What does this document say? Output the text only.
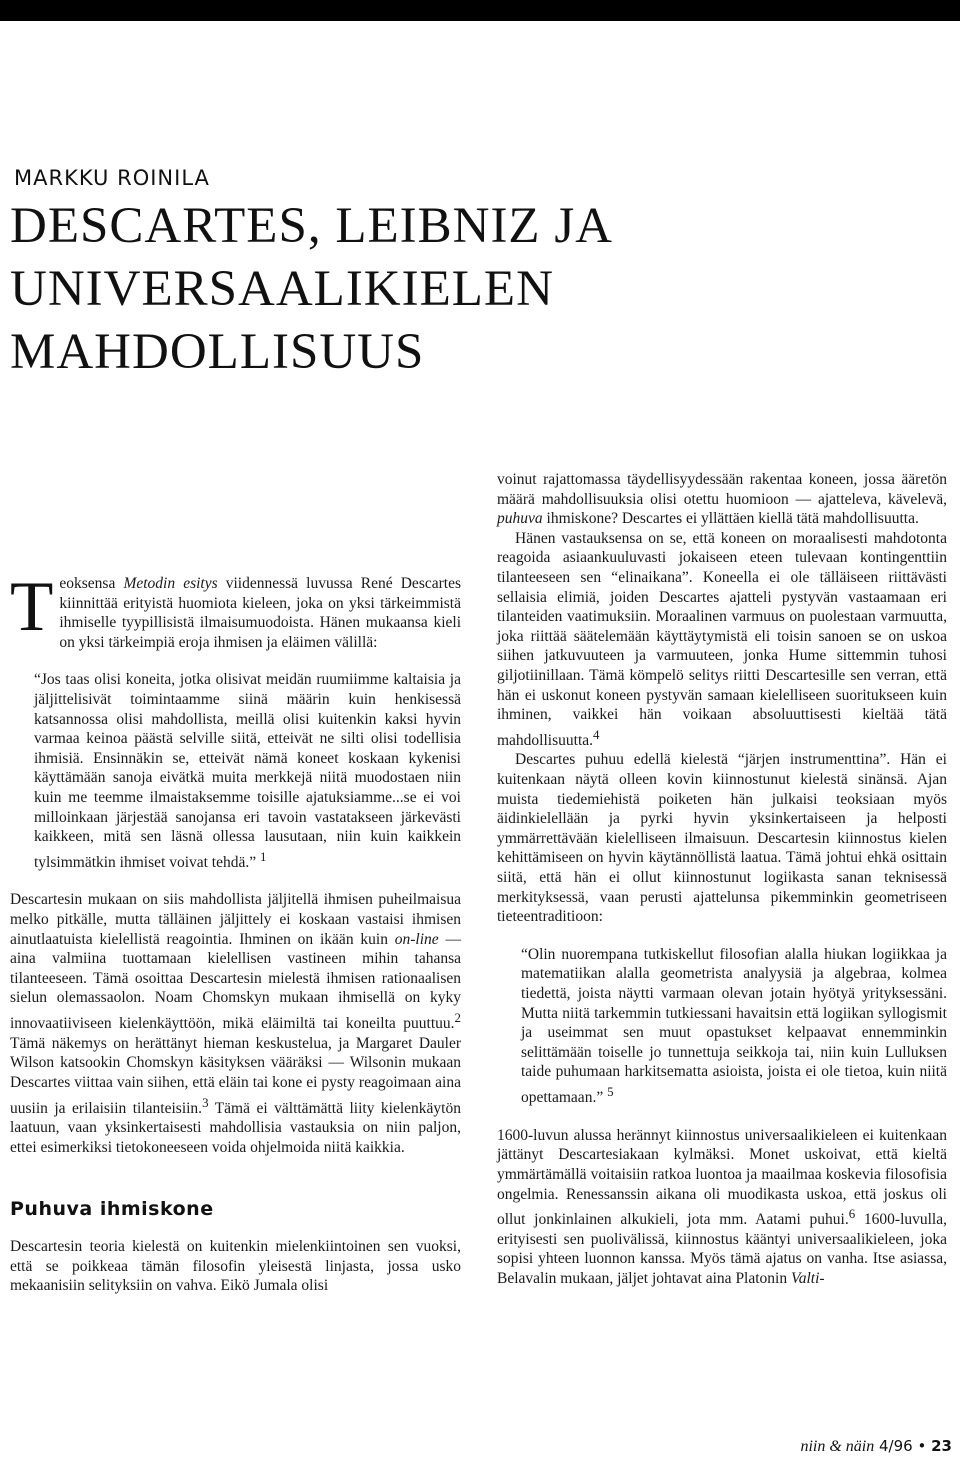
MARKKU ROINILA
DESCARTES, LEIBNIZ JA
UNIVERSAALIKIELEN
MAHDOLLISUUS

Teoksensa Metodin esitys viidennessä luvussa René Descartes kiinnittää erityistä huomiota kieleen, joka on yksi tärkeimmistä ihmiselle tyypillisistä ilmaisumuodoista. Hänen mukaansa kieli on yksi tärkeimpiä eroja ihmisen ja eläimen välillä:

“Jos taas olisi koneita, jotka olisivat meidän ruumiimme kaltaisia ja jäljittelisivät toimintaamme siinä määrin kuin henkisessä katsannossa olisi mahdollista, meillä olisi kuitenkin kaksi hyvin varmaa keinoa päästä selville siitä, etteivät ne silti olisi todellisia ihmisiä. Ensinnäkin se, etteivät nämä koneet koskaan kykenisi käyttämään sanoja eivätkä muita merkkejä niitä muodostaen niin kuin me teemme ilmaistaksemme toisille ajatuksiamme...se ei voi milloinkaan järjestää sanojansa eri tavoin vastatakseen järkevästi kaikkeen, mitä sen läsnä ollessa lausutaan, niin kuin kaikkein tylsimmätkin ihmiset voivat tehdä.” $^1$

Descartesin mukaan on siis mahdollista jäljitellä ihmisen puheilmaisua melko pitkälle, mutta tälläinen jäljittely ei koskaan vastaisi ihmisen ainutlaatuista kielellistä reagointia. Ihminen on ikään kuin on-line — aina valmiina tuottamaan kielellisen vastineen mihin tahansa tilanteeseen. Tämä osoittaa Descartesin mielestä ihmisen rationaalisen sielun olemassaolon. Noam Chomskyn mukaan ihmisellä on kyky innovaatiiviseen kielenkäyttöön, mikä eläimiltä tai koneilta puuttuu.$^2$ Tämä näkemys on herättänyt hieman keskustelua, ja Margaret Dauler Wilson katsookin Chomskyn käsityksen vääräksi — Wilsonin mukaan Descartes viittaa vain siihen, että eläin tai kone ei pysty reagoimaan aina uusiin ja erilaisiin tilanteisiin.$^3$ Tämä ei välttämättä liity kielenkäytön laatuun, vaan yksinkertaisesti mahdollisia vastauksia on niin paljon, ettei esimerkiksi tietokoneeseen voida ohjelmoida niitä kaikkia.

Puhuva ihmiskone

Descartesin teoria kielestä on kuitenkin mielenkiintoinen sen vuoksi, että se poikkeaa tämän filosofin yleisestä linjasta, jossa usko mekaanisiin selityksiin on vahva. Eikö Jumala olisi

voinut rajattomassa täydellisyydessään rakentaa koneen, jossa ääretön määrä mahdollisuuksia olisi otettu huomioon — ajatteleva, kävelevä, puhuva ihmiskone? Descartes ei yllättäen kiellä tätä mahdollisuutta.

Hänen vastauksensa on se, että koneen on moraalisesti mahdotonta reagoida asiaankuuluvasti jokaiseen eteen tulevaan kontingenttiin tilanteeseen sen “elinaikana”. Koneella ei ole tälläiseen riittävästi sellaisia elimiä, joiden Descartes ajatteli pystyvän vastaamaan eri tilanteiden vaatimuksiin. Moraalinen varmuus on puolestaan varmuutta, joka riittää säätelemään käyttäytymistä eli toisin sanoen se on uskoa siihen jatkuvuuteen ja varmuuteen, jonka Hume sittemmin tuhosi giljotiinillaan. Tämä kömpelö selitys riitti Descartesille sen verran, että hän ei uskonut koneen pystyvän samaan kielelliseen suoritukseen kuin ihminen, vaikkei hän voikaan absoluuttisesti kieltää tätä mahdollisuutta.$^4$

Descartes puhuu edellä kielestä “järjen instrumenttina”. Hän ei kuitenkaan näytä olleen kovin kiinnostunut kielestä sinänsä. Ajan muista tiedemiehistä poiketen hän julkaisi teoksiaan myös äidinkielellään ja pyrki hyvin yksinkertaiseen ja helposti ymmärrettävään kielelliseen ilmaisuun. Descartesin kiinnostus kielen kehittämiseen on hyvin käytännöllistä laatua. Tämä johtui ehkä osittain siitä, että hän ei ollut kiinnostunut logiikasta sanan teknisessä merkityksessä, vaan perusti ajattelunsa pikemminkin geometriseen tieteentraditioon:

“Olin nuorempana tutkiskellut filosofian alalla hiukan logiikkaa ja matematiikan alalla geometrista analyysiä ja algebraa, kolmea tiedettä, joista näytti varmaan olevan jotain hyötyä yrityksessäni. Mutta niitä tarkemmin tutkiessani havaitsin että logiikan syllogismit ja useimmat sen muut opastukset kelpaavat ennemminkin selittämään toiselle jo tunnettuja seikkoja tai, niin kuin Lulluksen taide puhumaan harkitsematta asioista, joista ei ole tietoa, kuin niitä opettamaan.” $^5$

1600-luvun alussa herännyt kiinnostus universaalikieleen ei kuitenkaan jättänyt Descartesiakaan kylmäksi. Monet uskoivat, että kieltä ymmärtämällä voitaisiin ratkoa luontoa ja maailmaa koskevia filosofisia ongelmia. Renessanssin aikana oli muodikasta uskoa, että joskus oli ollut jonkinlainen alkukieli, jota mm. Aatami puhui.$^6$ 1600-luvulla, erityisesti sen puolivälissä, kiinnostus kääntyi universaalikieleen, joka sopisi yhteen luonnon kanssa. Myös tämä ajatus on vanha. Itse asiassa, Belavalin mukaan, jäljet johtavat aina Platonin Valti-

niin & näin 4/96 • 23
